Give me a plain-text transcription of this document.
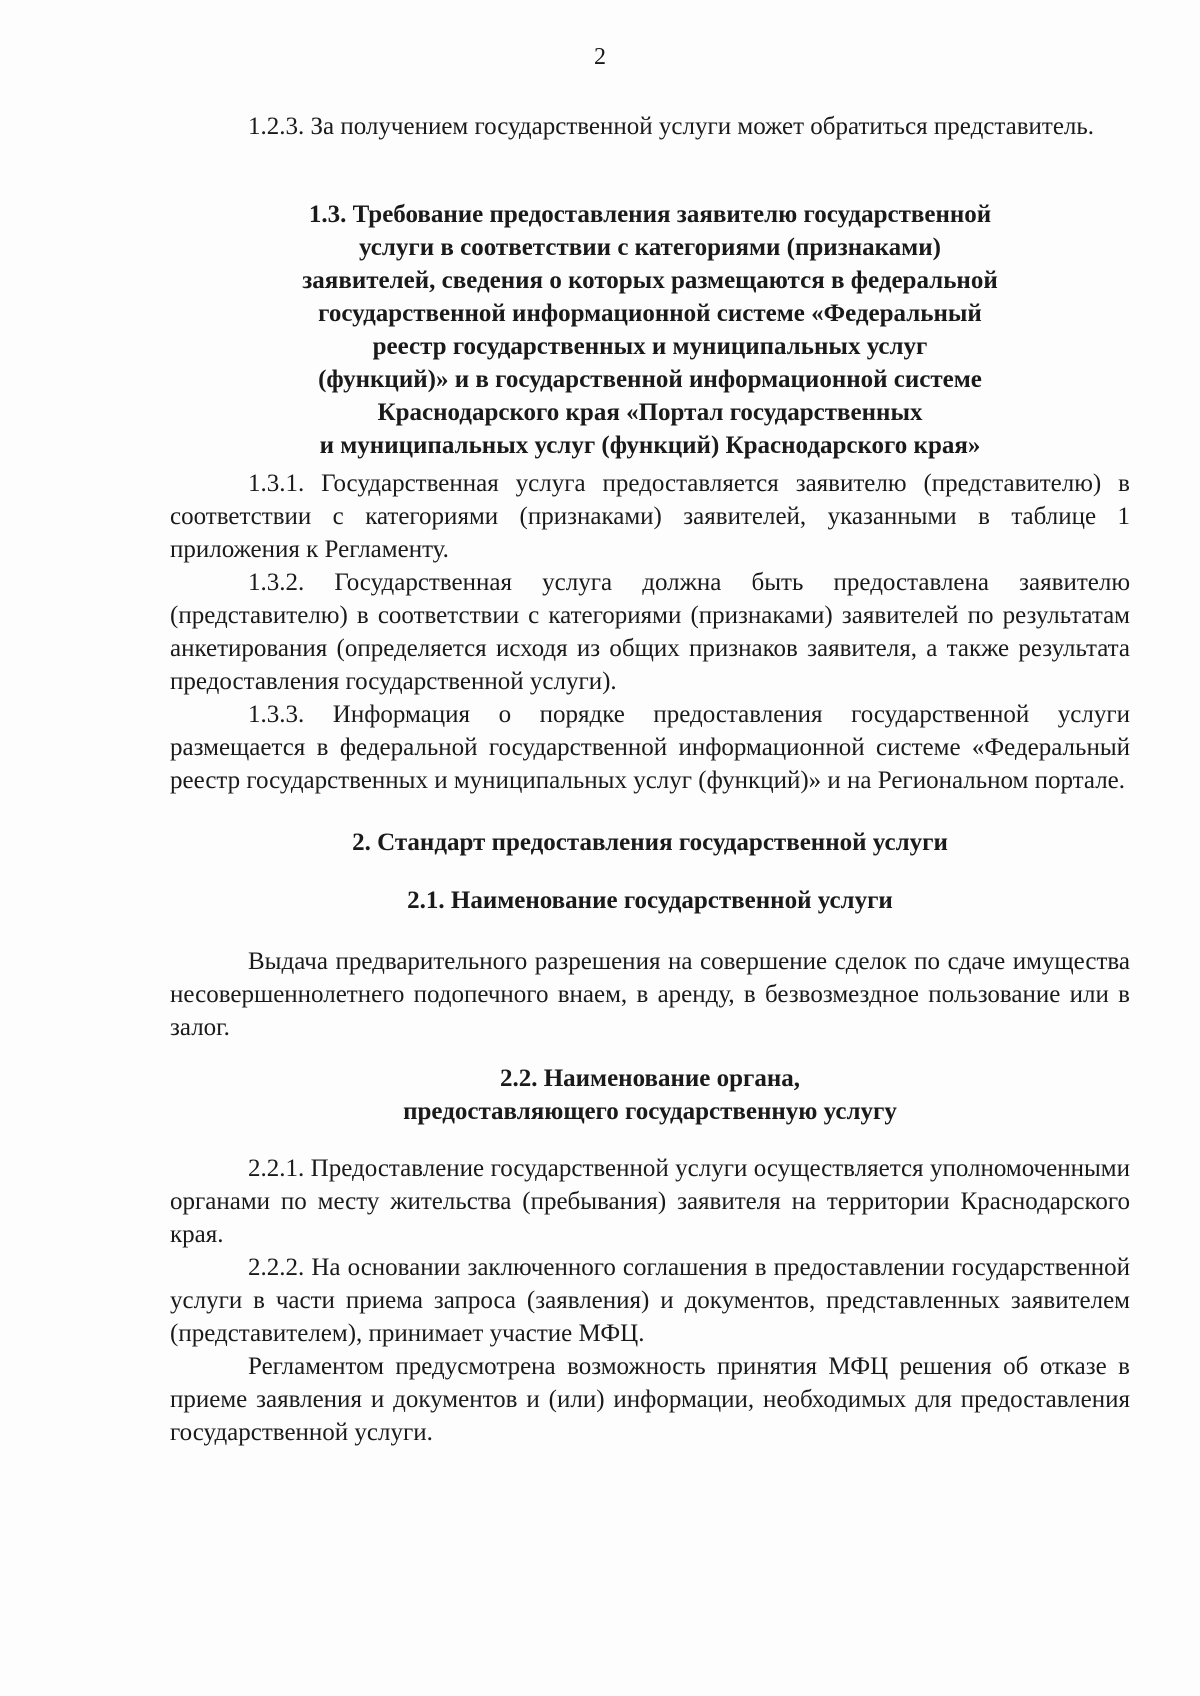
2

1.2.3. За получением государственной услуги может обратиться представитель.

1.3. Требование предоставления заявителю государственной
услуги в соответствии с категориями (признаками)
заявителей, сведения о которых размещаются в федеральной
государственной информационной системе «Федеральный
реестр государственных и муниципальных услуг
(функций)» и в государственной информационной системе
Краснодарского края «Портал государственных
и муниципальных услуг (функций) Краснодарского края»

1.3.1. Государственная услуга предоставляется заявителю (представителю) в соответствии с категориями (признаками) заявителей, указанными в таблице 1 приложения к Регламенту.

1.3.2. Государственная услуга должна быть предоставлена заявителю (представителю) в соответствии с категориями (признаками) заявителей по результатам анкетирования (определяется исходя из общих признаков заявителя, а также результата предоставления государственной услуги).

1.3.3. Информация о порядке предоставления государственной услуги размещается в федеральной государственной информационной системе «Федеральный реестр государственных и муниципальных услуг (функций)» и на Региональном портале.

2. Стандарт предоставления государственной услуги
2.1. Наименование государственной услуги

Выдача предварительного разрешения на совершение сделок по сдаче имущества несовершеннолетнего подопечного внаем, в аренду, в безвозмездное пользование или в залог.

2.2. Наименование органа,
предоставляющего государственную услугу

2.2.1. Предоставление государственной услуги осуществляется уполномоченными органами по месту жительства (пребывания) заявителя на территории Краснодарского края.

2.2.2. На основании заключенного соглашения в предоставлении государственной услуги в части приема запроса (заявления) и документов, представленных заявителем (представителем), принимает участие МФЦ.

Регламентом предусмотрена возможность принятия МФЦ решения об отказе в приеме заявления и документов и (или) информации, необходимых для предоставления государственной услуги.
